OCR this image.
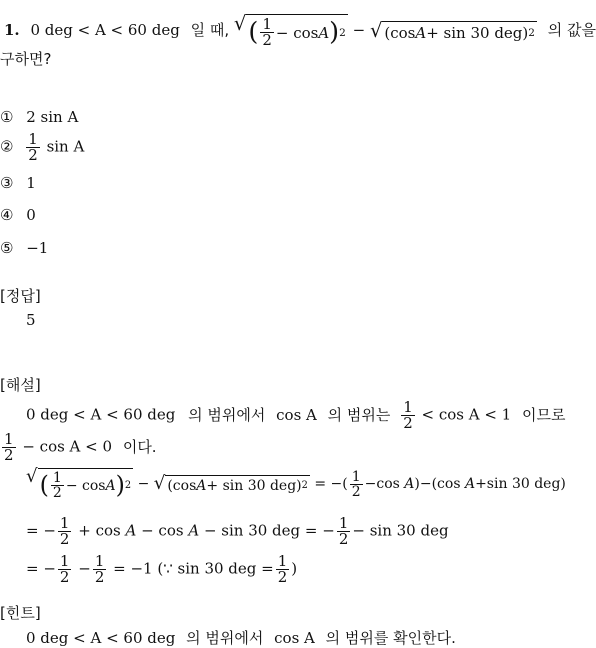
1. 0 deg < A < 60 deg 일 때, √ ( $\frac{1}{2} - \cos A$ ) 2 − √ (cos A + sin 30 deg) 2 의 값을
구하면?
① 2 sin A
② $\frac{1}{2}$ sin A
③ 1
④ 0
⑤ −1
[정답]
5
[해설]
0 deg < A < 60 deg 의 범위에서 cos A 의 범위는 $\frac{1}{2} < \cos A < 1$ 이므로
$\frac{1}{2} - \cos A < 0$ 이다.
√ ( $\frac{1}{2} - \cos A$ ) 2 − √ (cos A + sin 30 deg) 2 = −( $\frac{1}{2} -\cos$ A)−(cos A+sin 30 deg)
= − $\frac{1}{2} + \cos A - \cos A - \sin 30$ deg = − $\frac{1}{2} - \sin 30$ deg
= − $\frac{1}{2} - \frac{1}{2} = -1$ (∵ sin 30 deg = $\frac{1}{2}$ )
[힌트]
0 deg < A < 60 deg 의 범위에서 cos A 의 범위를 확인한다.
